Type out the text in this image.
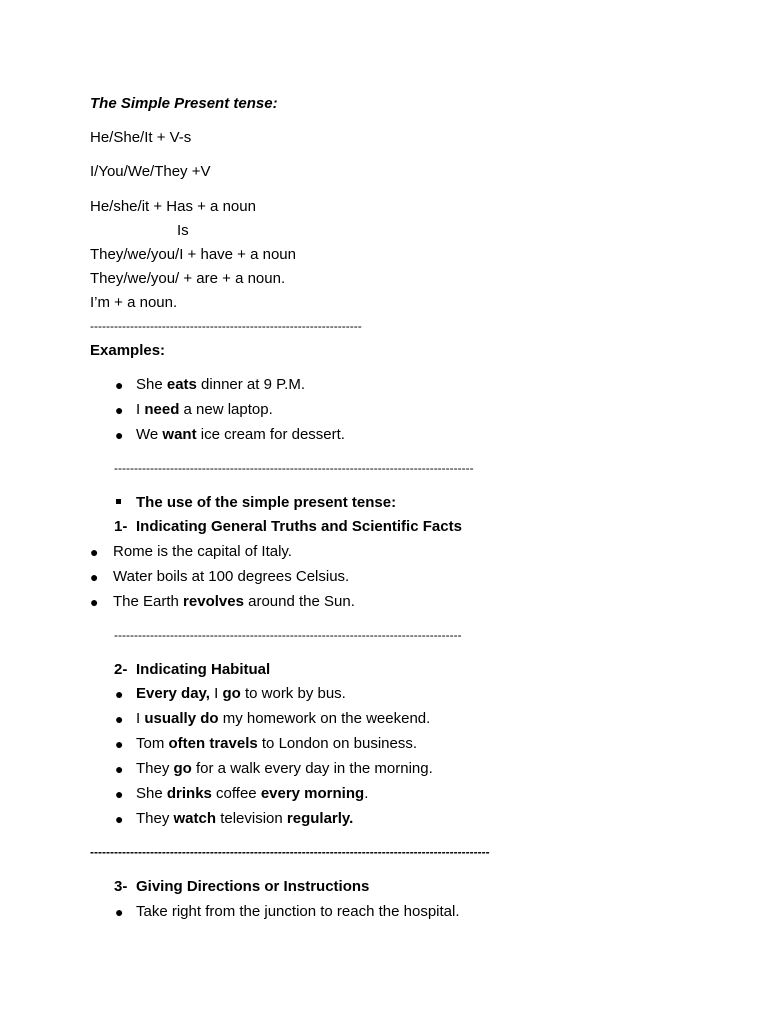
The Simple Present tense:
He/She/It + V-s
I/You/We/They +V
He/she/it + Has + a noun
Is
They/we/you/I + have + a noun
They/we/you/ + are + a noun.
I’m + a noun.
--------------------------------------------------------------------
Examples:
● She eats dinner at 9 P.M.
● I need a new laptop.
● We want ice cream for dessert.
------------------------------------------------------------------------------------------
The use of the simple present tense:
1- Indicating General Truths and Scientific Facts
● Rome is the capital of Italy.
● Water boils at 100 degrees Celsius.
● The Earth revolves around the Sun.
---------------------------------------------------------------------------------------
2- Indicating Habitual
● Every day, I go to work by bus.
● I usually do my homework on the weekend.
● Tom often travels to London on business.
● They go for a walk every day in the morning.
● She drinks coffee every morning.
● They watch television regularly.
----------------------------------------------------------------------------------------------------
3- Giving Directions or Instructions
● Take right from the junction to reach the hospital.
